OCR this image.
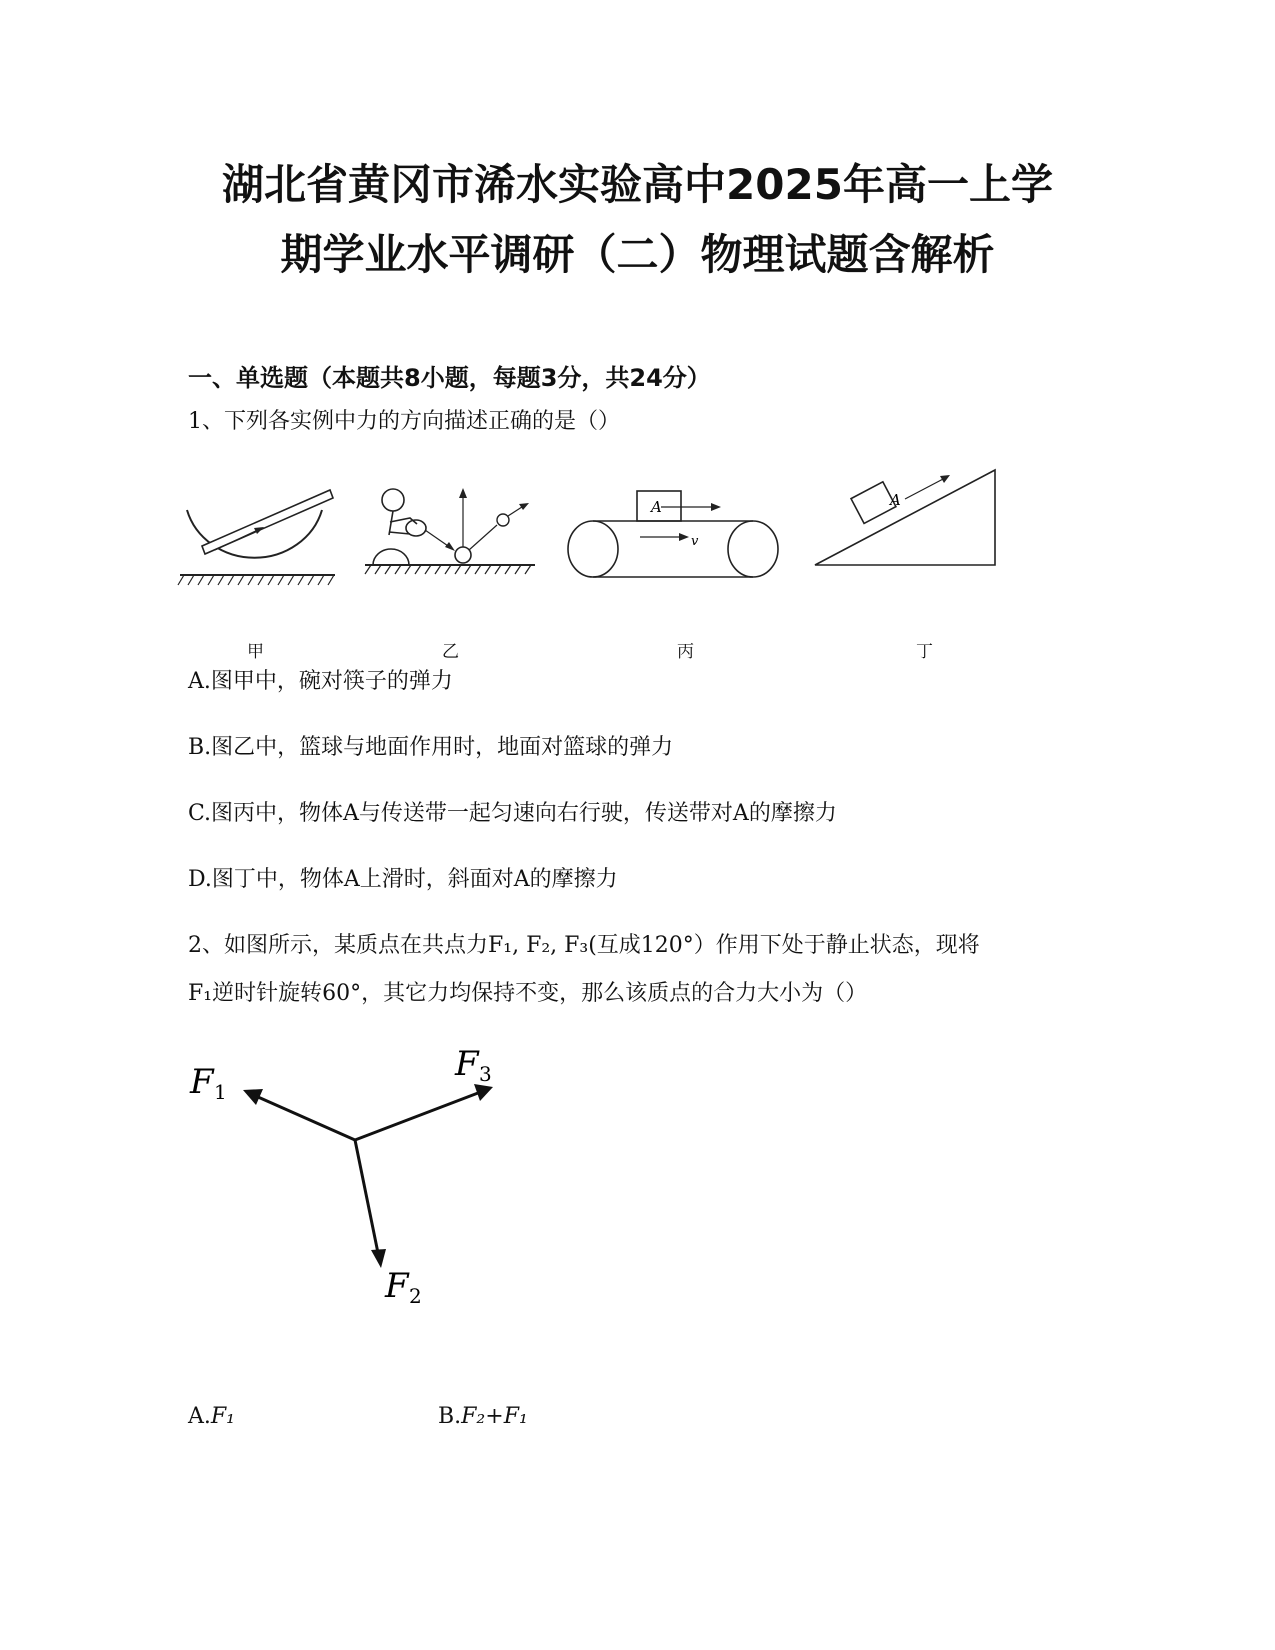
湖北省黄冈市浠水实验高中2025年高一上学
期学业水平调研（二）物理试题含解析

一、单选题（本题共8小题，每题3分，共24分）

1、下列各实例中力的方向描述正确的是（）

甲	乙
A
v
丙
A
丁

A.图甲中，碗对筷子的弹力

B.图乙中，篮球与地面作用时，地面对篮球的弹力

C.图丙中，物体A与传送带一起匀速向右行驶，传送带对A的摩擦力

D.图丁中，物体A上滑时，斜面对A的摩擦力

2、如图所示，某质点在共点力F₁, F₂, F₃(互成120°）作用下处于静止状态，现将

F₁逆时针旋转60°，其它力均保持不变，那么该质点的合力大小为（）

F 1
F 3
F 2
A.F₁	B.F₂+F₁
